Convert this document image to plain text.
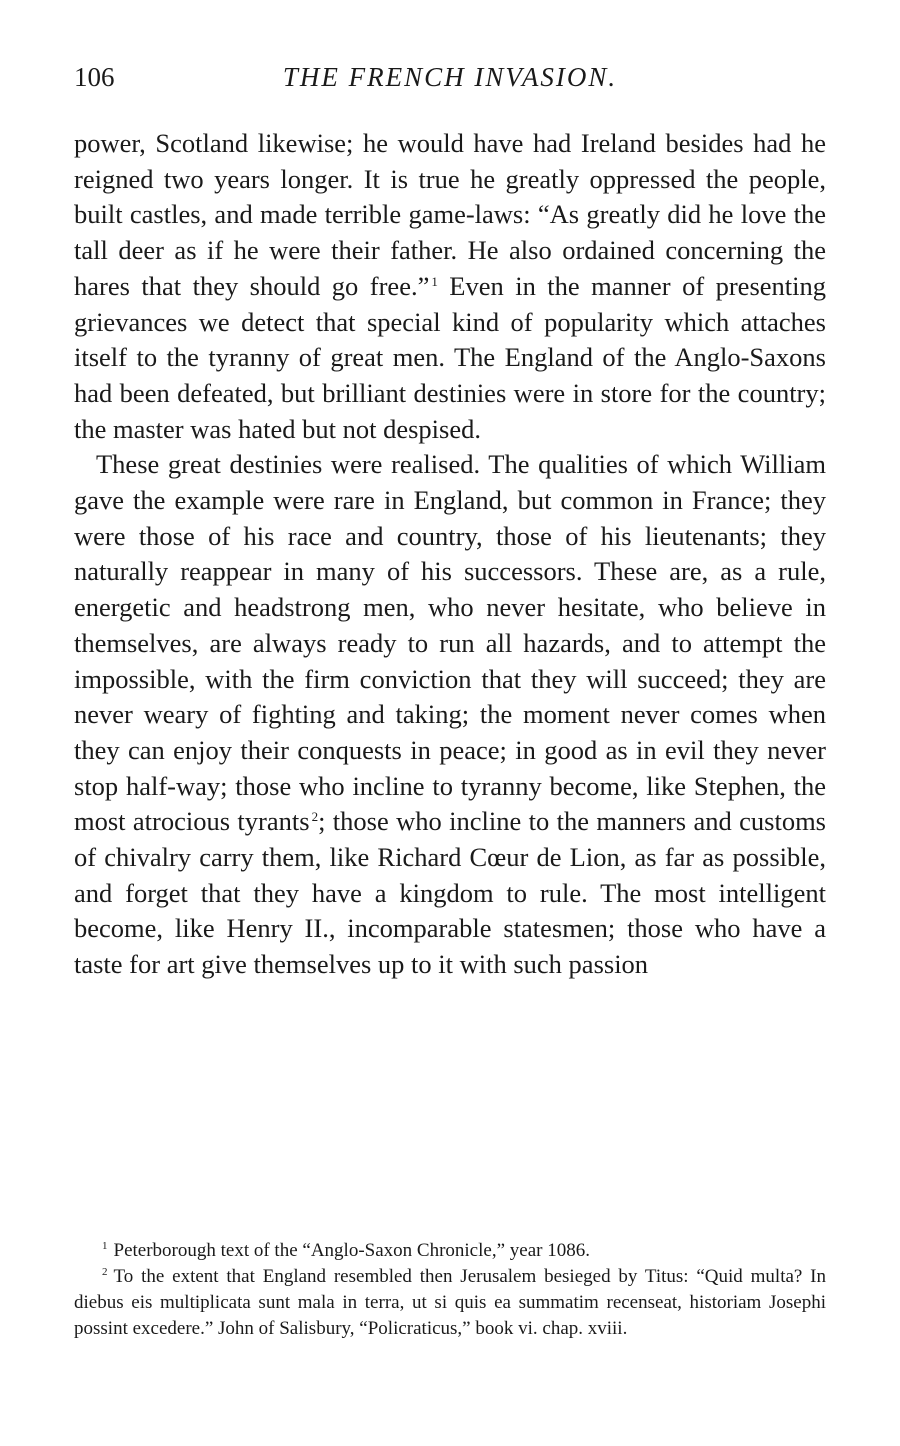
106	THE FRENCH INVASION.

power, Scotland likewise; he would have had Ireland besides had he reigned two years longer. It is true he greatly oppressed the people, built castles, and made terrible game-laws: “As greatly did he love the tall deer as if he were their father. He also ordained concerning the hares that they should go free.” $^1$ Even in the manner of presenting grievances we detect that special kind of popularity which attaches itself to the tyranny of great men. The England of the Anglo-Saxons had been defeated, but brilliant destinies were in store for the country; the master was hated but not despised.

These great destinies were realised. The qualities of which William gave the example were rare in England, but common in France; they were those of his race and country, those of his lieutenants; they naturally reappear in many of his successors. These are, as a rule, energetic and headstrong men, who never hesitate, who believe in themselves, are always ready to run all hazards, and to attempt the impossible, with the firm conviction that they will succeed; they are never weary of fighting and taking; the moment never comes when they can enjoy their conquests in peace; in good as in evil they never stop half-way; those who incline to tyranny become, like Stephen, the most atrocious tyrants $^2$; those who incline to the manners and customs of chivalry carry them, like Richard Cœur de Lion, as far as possible, and forget that they have a kingdom to rule. The most intelligent become, like Henry II., incomparable statesmen; those who have a taste for art give themselves up to it with such passion

$^1$ Peterborough text of the “Anglo-Saxon Chronicle,” year 1086.

$^2$ To the extent that England resembled then Jerusalem besieged by Titus: “Quid multa? In diebus eis multiplicata sunt mala in terra, ut si quis ea summatim recenseat, historiam Josephi possint excedere.” John of Salisbury, “Policraticus,” book vi. chap. xviii.
